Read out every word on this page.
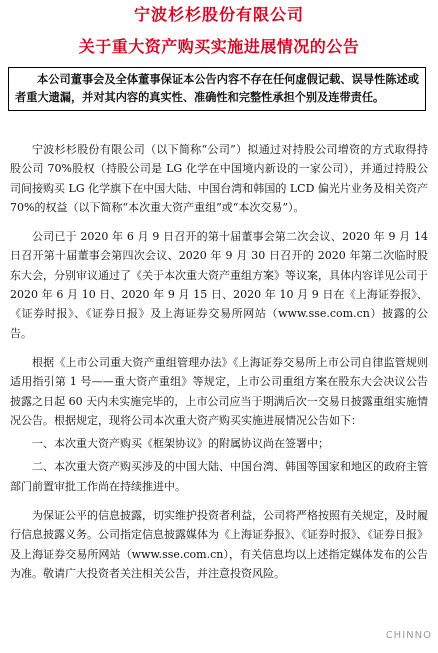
宁波杉杉股份有限公司
关于重大资产购买实施进展情况的公告
本公司董事会及全体董事保证本公告内容不存在任何虚假记载、误导性陈述或者重大遗漏，并对其内容的真实性、准确性和完整性承担个别及连带责任。

宁波杉杉股份有限公司（以下简称“公司”）拟通过对持股公司增资的方式取得持股公司 70%股权（持股公司是 LG 化学在中国境内新设的一家公司），并通过持股公司间接购买 LG 化学旗下在中国大陆、中国台湾和韩国的 LCD 偏光片业务及相关资产 70%的权益（以下简称“本次重大资产重组”或“本次交易”）。

公司已于 2020 年 6 月 9 日召开的第十届董事会第二次会议、2020 年 9 月 14 日召开第十届董事会第四次会议、2020 年 9 月 30 日召开的 2020 年第二次临时股东大会，分别审议通过了《关于本次重大资产重组方案》等议案，具体内容详见公司于 2020 年 6 月 10 日、2020 年 9 月 15 日、2020 年 10 月 9 日在《上海证券报》、《证券时报》、《证券日报》及上海证券交易所网站（www.sse.com.cn）披露的公告。

根据《上市公司重大资产重组管理办法》《上海证券交易所上市公司自律监管规则适用指引第 1 号——重大资产重组》等规定，上市公司重组方案在股东大会决议公告披露之日起 60 天内未实施完毕的，上市公司应当于期满后次一交易日披露重组实施情况公告。根据规定，现将公司本次重大资产购买实施进展情况公告如下：

一、本次重大资产购买《框架协议》的附属协议尚在签署中；

二、本次重大资产购买涉及的中国大陆、中国台湾、韩国等国家和地区的政府主管部门前置审批工作尚在持续推进中。

为保证公平的信息披露，切实维护投资者利益，公司将严格按照有关规定，及时履行信息披露义务。公司指定信息披露媒体为《上海证券报》、《证券时报》、《证券日报》及上海证券交易所网站（www.sse.com.cn），有关信息均以上述指定媒体发布的公告为准。敬请广大投资者关注相关公告，并注意投资风险。

CHINNO
